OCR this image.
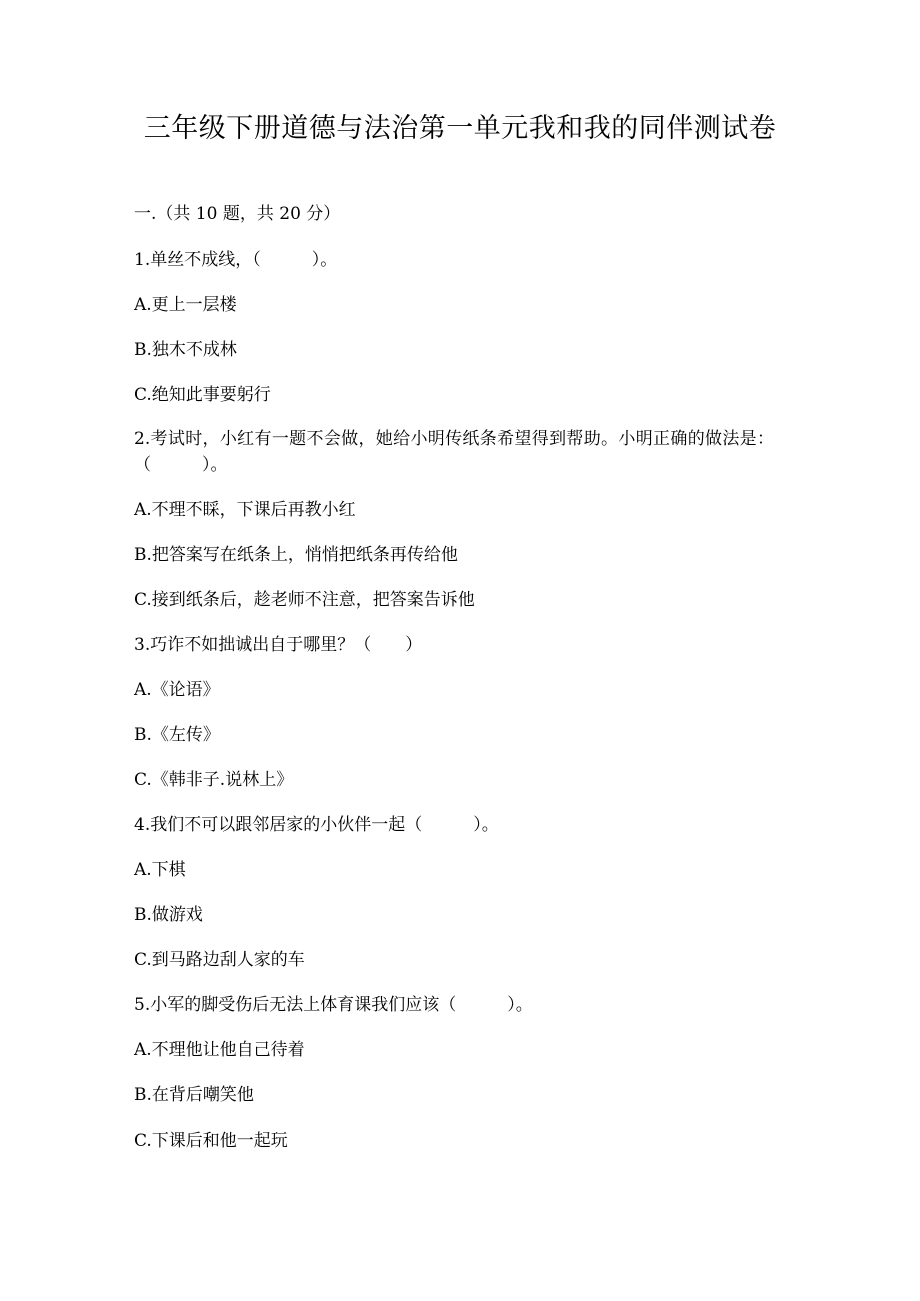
三年级下册道德与法治第一单元我和我的同伴测试卷
一.（共 10 题，共 20 分）
1.单丝不成线，（　　　）。
A.更上一层楼
B.独木不成林
C.绝知此事要躬行
2.考试时，小红有一题不会做，她给小明传纸条希望得到帮助。小明正确的做法是：（　　　）。
A.不理不睬，下课后再教小红
B.把答案写在纸条上，悄悄把纸条再传给他
C.接到纸条后，趁老师不注意，把答案告诉他
3.巧诈不如拙诚出自于哪里？（　　）
A.《论语》
B.《左传》
C.《韩非子.说林上》
4.我们不可以跟邻居家的小伙伴一起（　　　）。
A.下棋
B.做游戏
C.到马路边刮人家的车
5.小军的脚受伤后无法上体育课我们应该（　　　）。
A.不理他让他自己待着
B.在背后嘲笑他
C.下课后和他一起玩
